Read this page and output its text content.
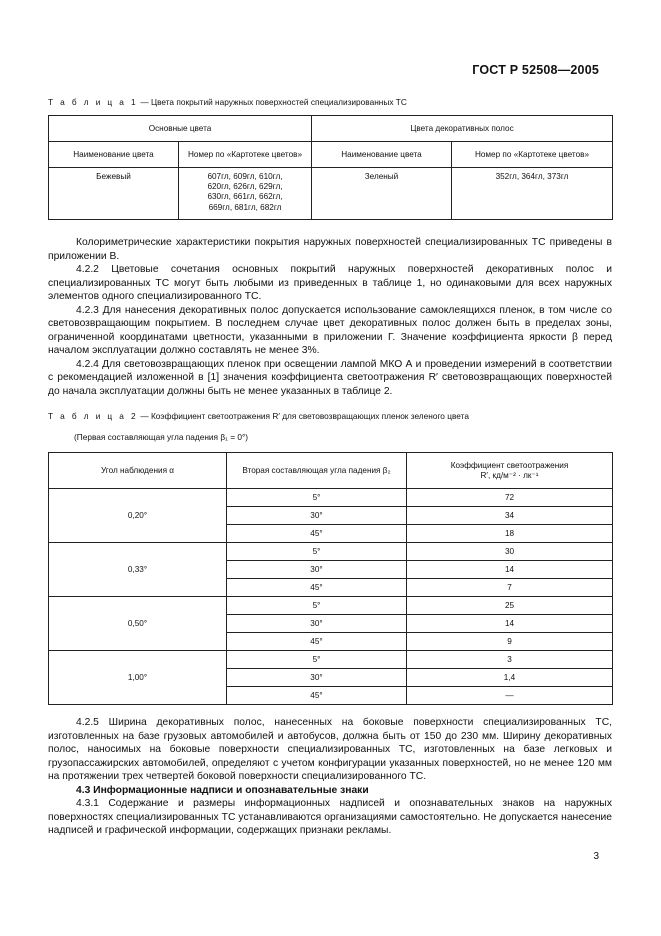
ГОСТ Р 52508—2005
Т а б л и ц а 1 — Цвета покрытий наружных поверхностей специализированных ТС
Основные цвета		Цвета декоративных полос	
Наименование цвета	Номер по «Картотеке цветов»	Наименование цвета	Номер по «Картотеке цветов»
Бежевый	607гл, 609гл, 610гл,
620гл, 626гл, 629гл,
630гл, 661гл, 662гл,
669гл, 681гл, 682гл	Зеленый	352гл, 364гл, 373гл

Колориметрические характеристики покрытия наружных поверхностей специализированных ТС приведены в приложении В.

4.2.2 Цветовые сочетания основных покрытий наружных поверхностей декоративных полос и специализированных ТС могут быть любыми из приведенных в таблице 1, но одинаковыми для всех наружных элементов одного специализированного ТС.

4.2.3 Для нанесения декоративных полос допускается использование самоклеящихся пленок, в том числе со световозвращающим покрытием. В последнем случае цвет декоративных полос должен быть в пределах зоны, ограниченной координатами цветности, указанными в приложении Г. Значение коэффициента яркости β перед началом эксплуатации должно составлять не менее 3%.

4.2.4 Для световозвращающих пленок при освещении лампой МКО А и проведении измерений в соответствии с рекомендацией изложенной в [1] значения коэффициента светоотражения R′ световозвращающих поверхностей до начала эксплуатации должны быть не менее указанных в таблице 2.

Т а б л и ц а 2 — Коэффициент светоотражения R′ для световозвращающих пленок зеленого цвета
(Первая составляющая угла падения β₁ = 0°)
Угол наблюдения α	Вторая составляющая угла падения β₂	Коэффициент светоотражения
R′, кд/м⁻² · лк⁻¹

0,20°	5°	72
	30°	34
	45°	18
0,33°	5°	30
	30°	14
	45°	7
0,50°	5°	25
	30°	14
	45°	9
1,00°	5°	3
	30°	1,4
	45°	—

4.2.5 Ширина декоративных полос, нанесенных на боковые поверхности специализированных ТС, изготовленных на базе грузовых автомобилей и автобусов, должна быть от 150 до 230 мм. Ширину декоративных полос, наносимых на боковые поверхности специализированных ТС, изготовленных на базе легковых и грузопассажирских автомобилей, определяют с учетом конфигурации указанных поверхностей, но не менее 120 мм на протяжении трех четвертей боковой поверхности специализированного ТС.

4.3 Информационные надписи и опознавательные знаки

4.3.1 Содержание и размеры информационных надписей и опознавательных знаков на наружных поверхностях специализированных ТС устанавливаются организациями самостоятельно. Не допускается нанесение надписей и графической информации, содержащих признаки рекламы.

3
